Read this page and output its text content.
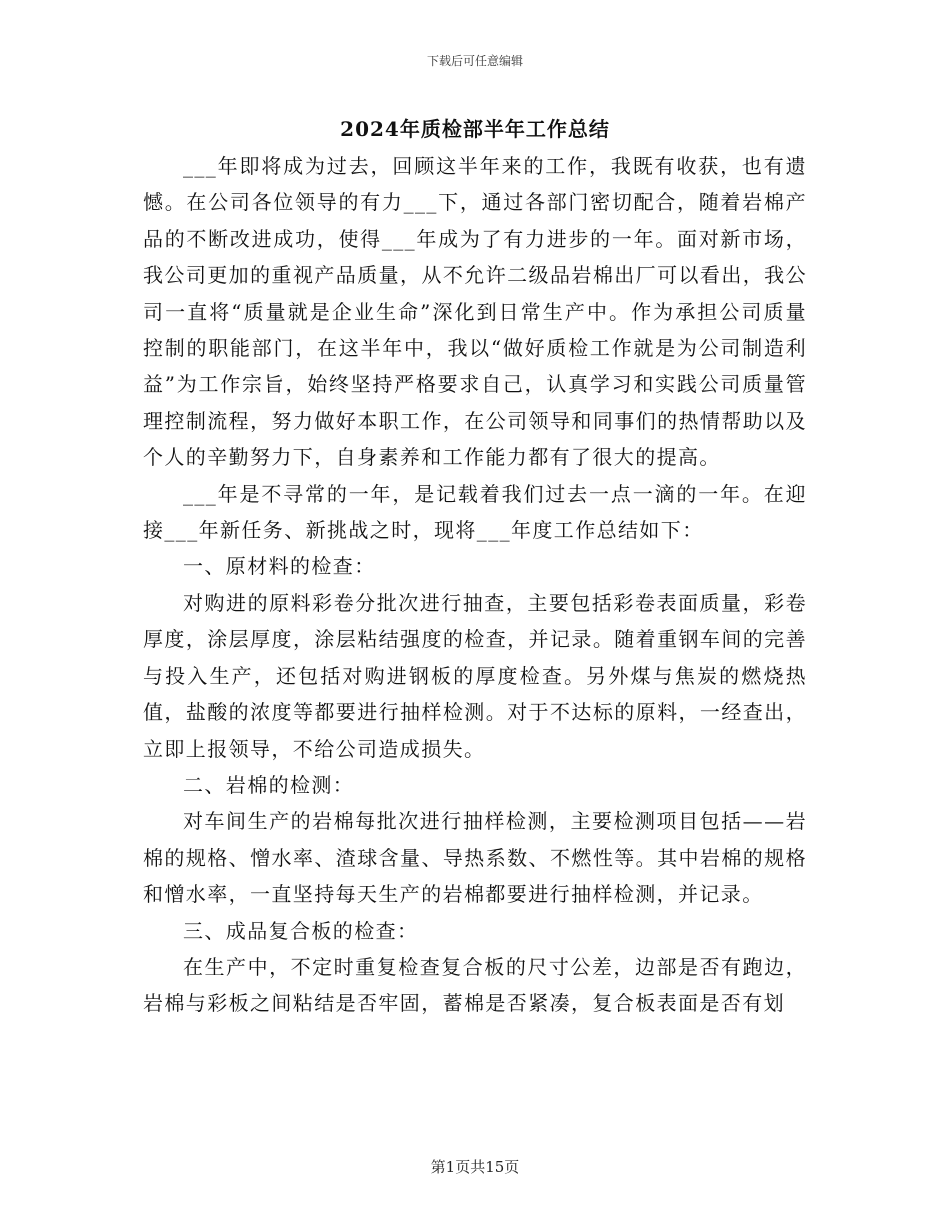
下载后可任意编辑
2024年质检部半年工作总结

___年即将成为过去，回顾这半年来的工作，我既有收获，也有遗憾。在公司各位领导的有力___下，通过各部门密切配合，随着岩棉产品的不断改进成功，使得___年成为了有力进步的一年。面对新市场，我公司更加的重视产品质量，从不允许二级品岩棉出厂可以看出，我公司一直将“质量就是企业生命”深化到日常生产中。作为承担公司质量控制的职能部门，在这半年中，我以“做好质检工作就是为公司制造利益”为工作宗旨，始终坚持严格要求自己，认真学习和实践公司质量管理控制流程，努力做好本职工作，在公司领导和同事们的热情帮助以及个人的辛勤努力下，自身素养和工作能力都有了很大的提高。

___年是不寻常的一年，是记载着我们过去一点一滴的一年。在迎接___年新任务、新挑战之时，现将___年度工作总结如下：

一、原材料的检查：

对购进的原料彩卷分批次进行抽查，主要包括彩卷表面质量，彩卷厚度，涂层厚度，涂层粘结强度的检查，并记录。随着重钢车间的完善与投入生产，还包括对购进钢板的厚度检查。另外煤与焦炭的燃烧热值，盐酸的浓度等都要进行抽样检测。对于不达标的原料，一经查出，立即上报领导，不给公司造成损失。

二、岩棉的检测：

对车间生产的岩棉每批次进行抽样检测，主要检测项目包括——岩棉的规格、憎水率、渣球含量、导热系数、不燃性等。其中岩棉的规格和憎水率，一直坚持每天生产的岩棉都要进行抽样检测，并记录。

三、成品复合板的检查：

在生产中，不定时重复检查复合板的尺寸公差，边部是否有跑边，岩棉与彩板之间粘结是否牢固，蓄棉是否紧凑，复合板表面是否有划

第1页共15页
